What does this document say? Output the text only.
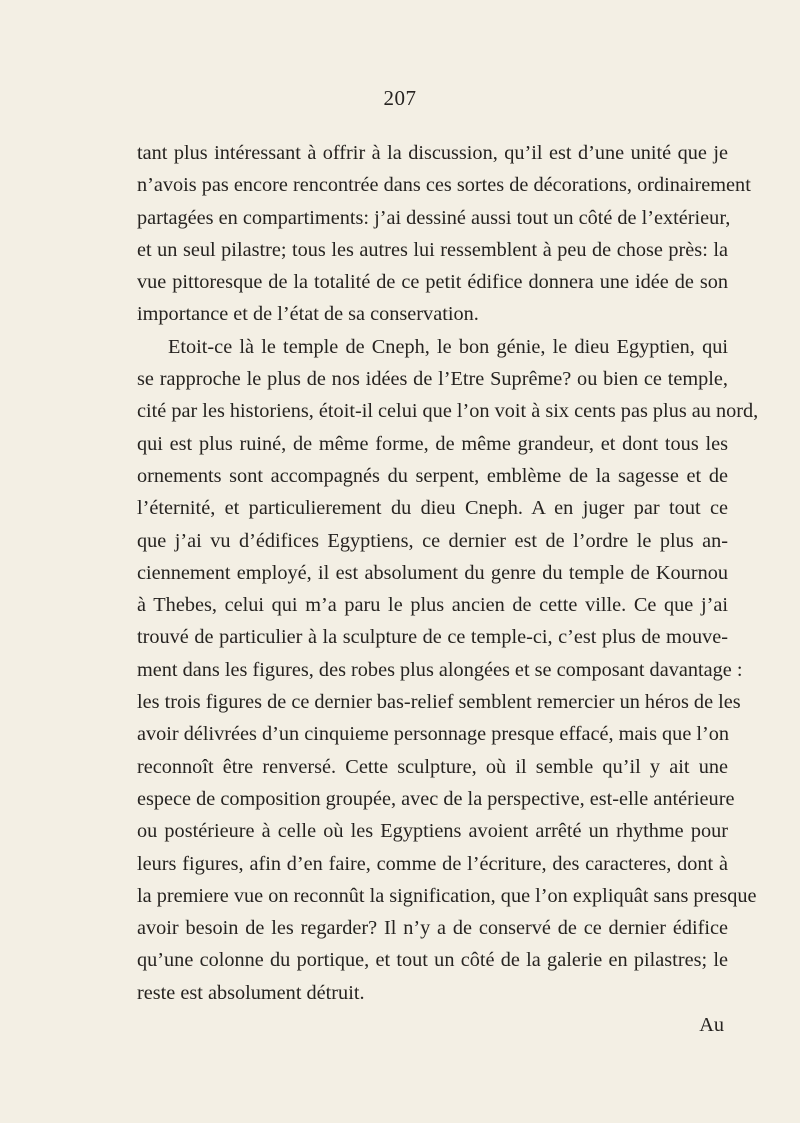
207

tant plus intéressant à offrir à la discussion, qu’il est d’une unité que je
n’avois pas encore rencontrée dans ces sortes de décorations, ordinairement
partagées en compartiments: j’ai dessiné aussi tout un côté de l’extérieur,
et un seul pilastre; tous les autres lui ressemblent à peu de chose près: la
vue pittoresque de la totalité de ce petit édifice donnera une idée de son
importance et de l’état de sa conservation.

Etoit-ce là le temple de Cneph, le bon génie, le dieu Egyptien, qui
se rapproche le plus de nos idées de l’Etre Suprême? ou bien ce temple,
cité par les historiens, étoit-il celui que l’on voit à six cents pas plus au nord,
qui est plus ruiné, de même forme, de même grandeur, et dont tous les
ornements sont accompagnés du serpent, emblème de la sagesse et de
l’éternité, et particulierement du dieu Cneph. A en juger par tout ce
que j’ai vu d’édifices Egyptiens, ce dernier est de l’ordre le plus an-
ciennement employé, il est absolument du genre du temple de Kournou
à Thebes, celui qui m’a paru le plus ancien de cette ville. Ce que j’ai
trouvé de particulier à la sculpture de ce temple-ci, c’est plus de mouve-
ment dans les figures, des robes plus alongées et se composant davantage :
les trois figures de ce dernier bas-relief semblent remercier un héros de les
avoir délivrées d’un cinquieme personnage presque effacé, mais que l’on
reconnoît être renversé. Cette sculpture, où il semble qu’il y ait une
espece de composition groupée, avec de la perspective, est-elle antérieure
ou postérieure à celle où les Egyptiens avoient arrêté un rhythme pour
leurs figures, afin d’en faire, comme de l’écriture, des caracteres, dont à
la premiere vue on reconnût la signification, que l’on expliquât sans presque
avoir besoin de les regarder? Il n’y a de conservé de ce dernier édifice
qu’une colonne du portique, et tout un côté de la galerie en pilastres; le
reste est absolument détruit.

Au
